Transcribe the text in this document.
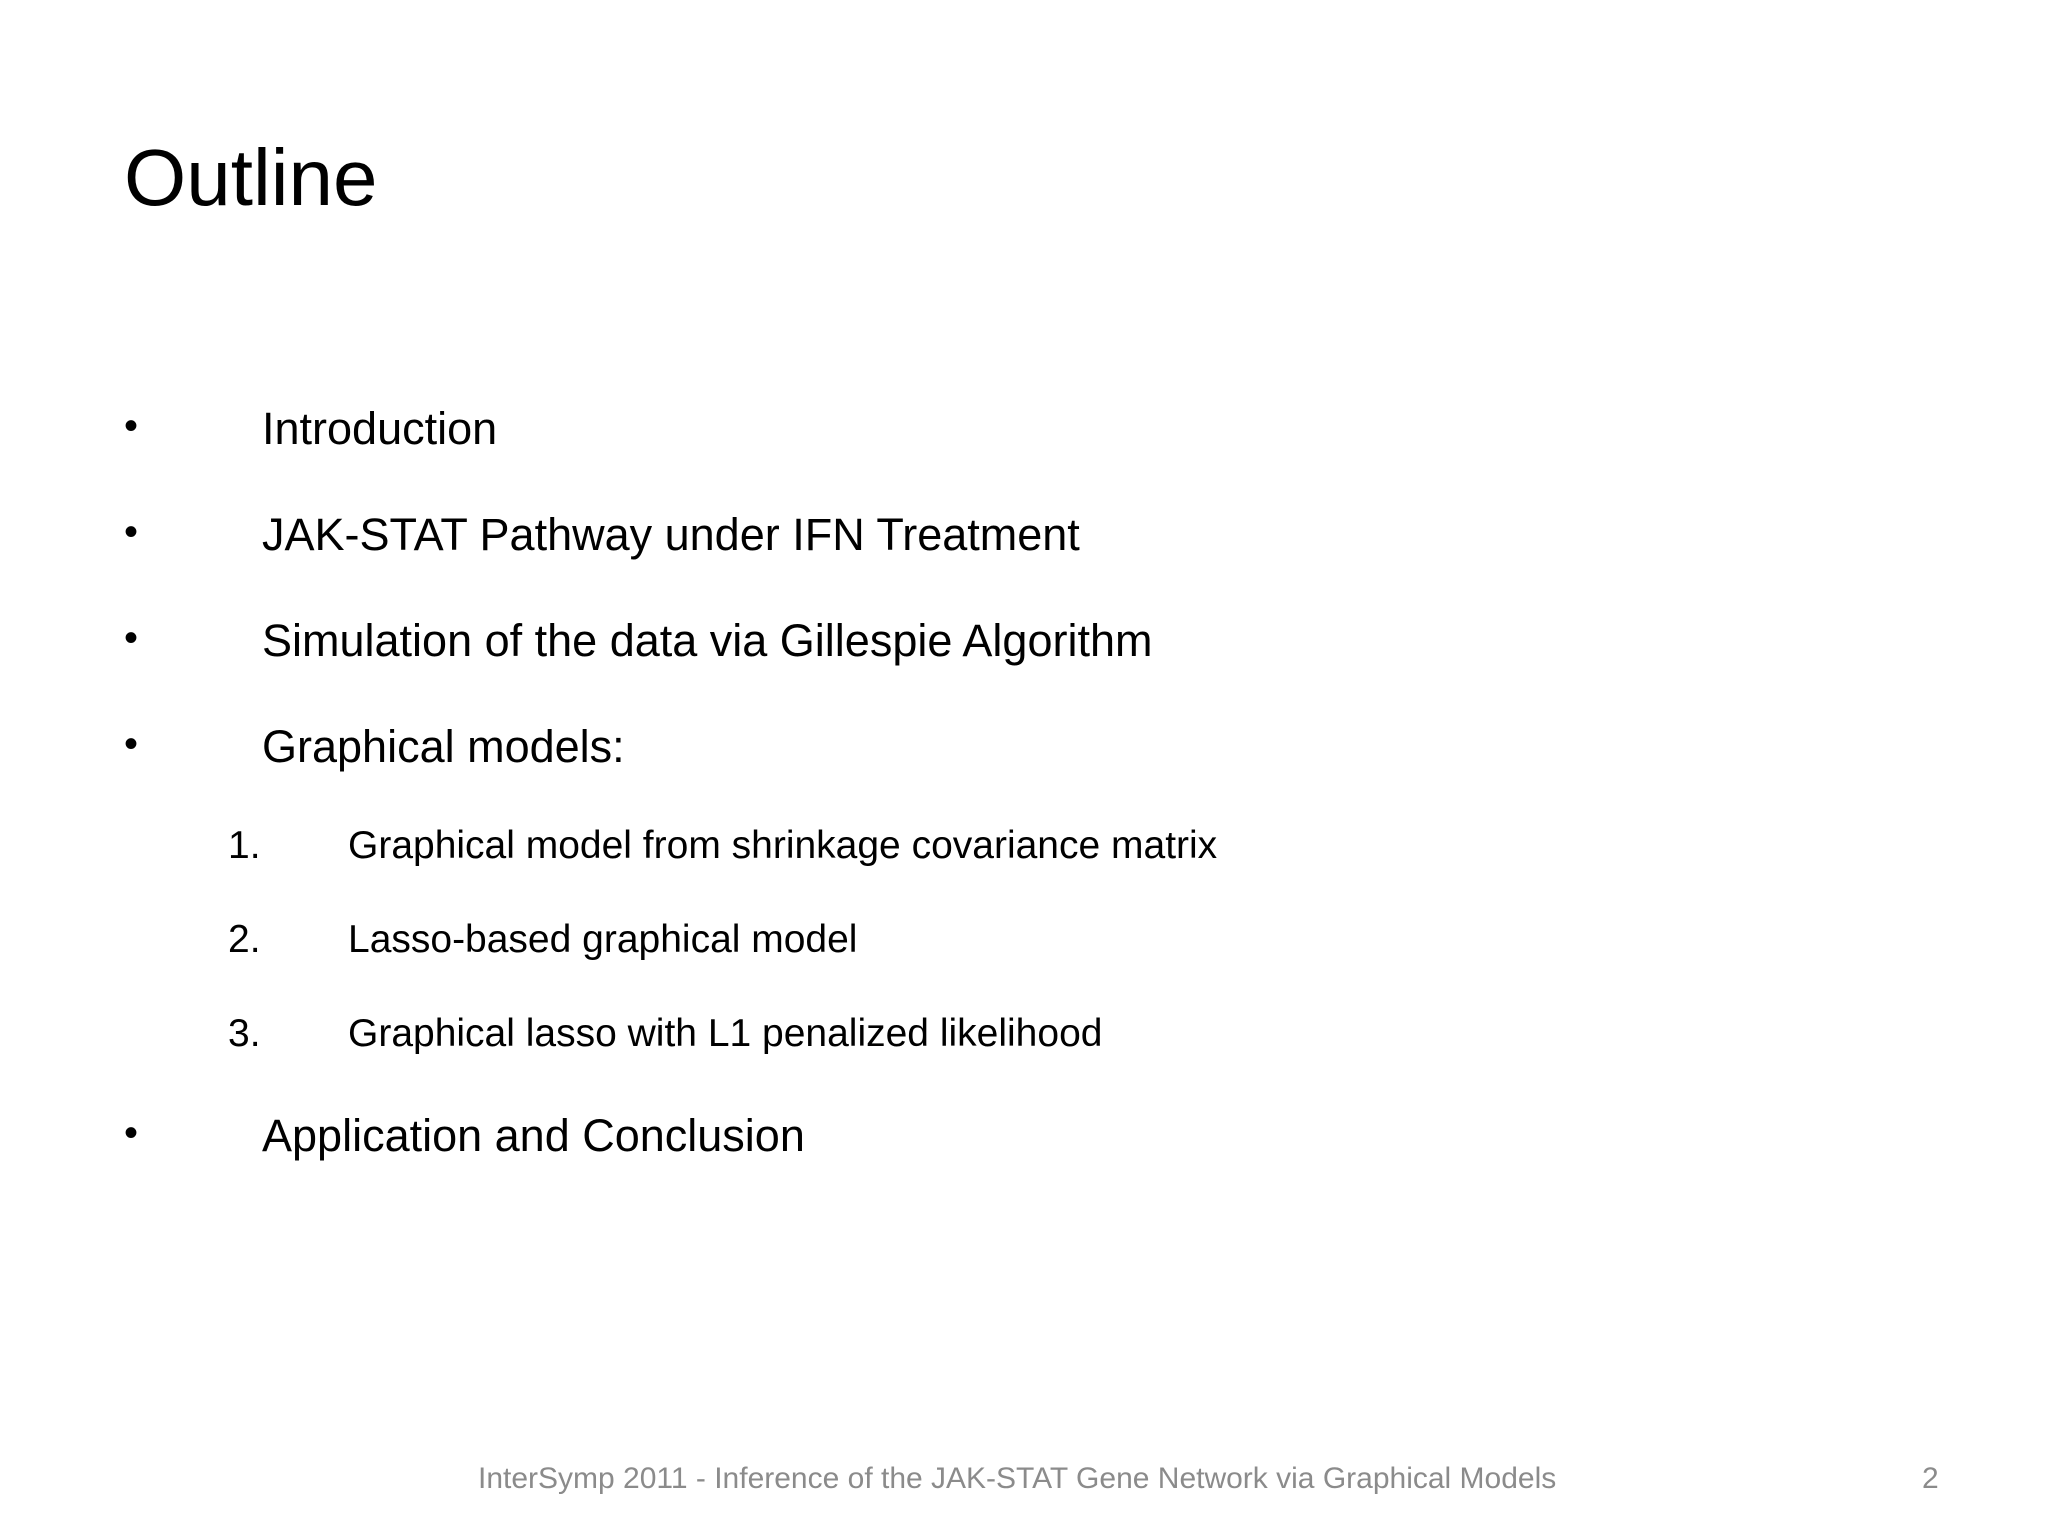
Outline
•	Introduction
•	JAK-STAT Pathway under IFN Treatment
•	Simulation of the data via Gillespie Algorithm
•	Graphical models:
1. Graphical model from shrinkage covariance matrix
2. Lasso-based graphical model
3. Graphical lasso with L1 penalized likelihood
•	Application and Conclusion
InterSymp 2011 - Inference of the JAK-STAT Gene Network via Graphical Models	2
